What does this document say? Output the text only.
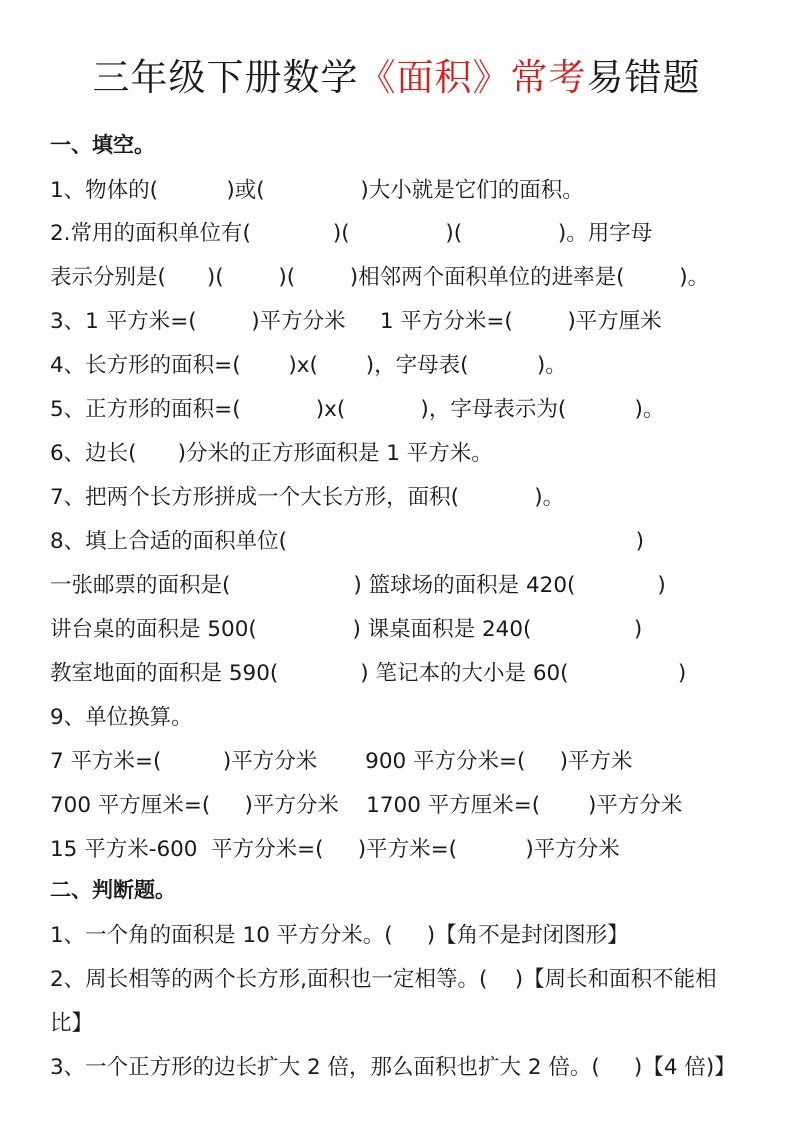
三年级下册数学《面积》常考易错题
一、填空。
1、物体的(          )或(              )大小就是它们的面积。
2.常用的面积单位有(            )(              )(              )。用字母
表示分别是(      )(        )(        )相邻两个面积单位的进率是(        )。
3、1 平方米=(        )平方分米     1 平方分米=(        )平方厘米
4、长方形的面积=(       )x(       )，字母表(          )。
5、正方形的面积=(           )x(           )，字母表示为(          )。
6、边长(      )分米的正方形面积是 1 平方米。
7、把两个长方形拼成一个大长方形，面积(           )。
8、填上合适的面积单位(                                                   )
一张邮票的面积是(                  ) 篮球场的面积是 420(            )
讲台桌的面积是 500(              ) 课桌面积是 240(               )
教室地面的面积是 590(            ) 笔记本的大小是 60(                )
9、单位换算。
7 平方米=(         )平方分米       900 平方分米=(     )平方米
700 平方厘米=(     )平方分米    1700 平方厘米=(       )平方分米
15 平方米-600  平方分米=(     )平方米=(          )平方分米
二、判断题。
1、一个角的面积是 10 平方分米。(     )【角不是封闭图形】
2、周长相等的两个长方形,面积也一定相等。(    )【周长和面积不能相
比】
3、一个正方形的边长扩大 2 倍，那么面积也扩大 2 倍。(     )【4 倍)】
